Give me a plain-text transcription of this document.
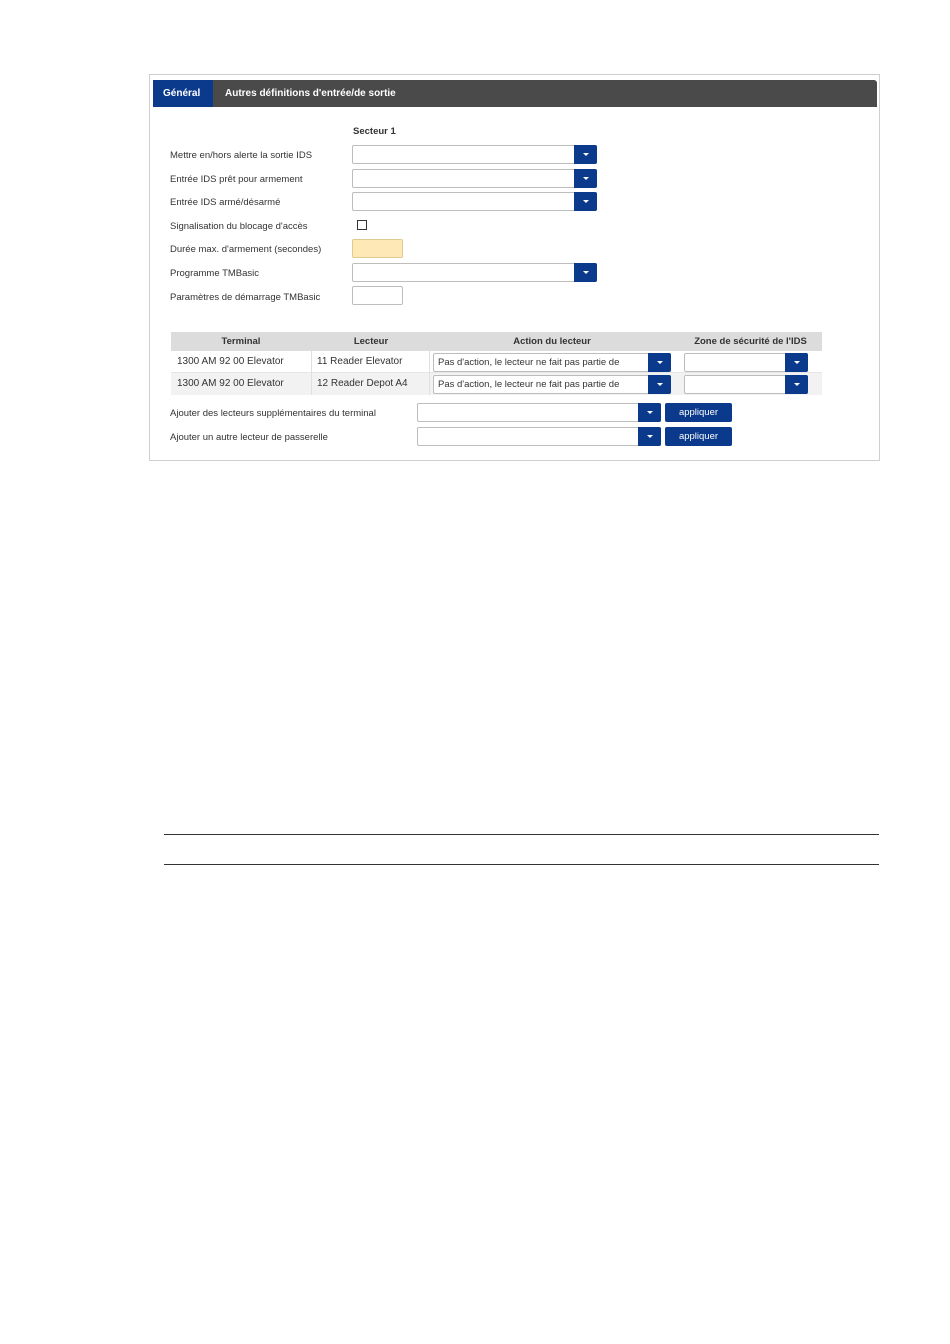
Général	Autres définitions d'entrée/de sortie
Secteur 1
Mettre en/hors alerte la sortie IDS
Entrée IDS prêt pour armement
Entrée IDS armé/désarmé
Signalisation du blocage d'accès
Durée max. d'armement (secondes)
Programme TMBasic
Paramètres de démarrage TMBasic
Terminal	Lecteur	Action du lecteur	Zone de sécurité de l'IDS
1300 AM 92 00 Elevator	11 Reader Elevator	Pas d'action, le lecteur ne fait pas partie de
1300 AM 92 00 Elevator	12 Reader Depot A4	Pas d'action, le lecteur ne fait pas partie de
Ajouter des lecteurs supplémentaires du terminal	appliquer
Ajouter un autre lecteur de passerelle	appliquer
